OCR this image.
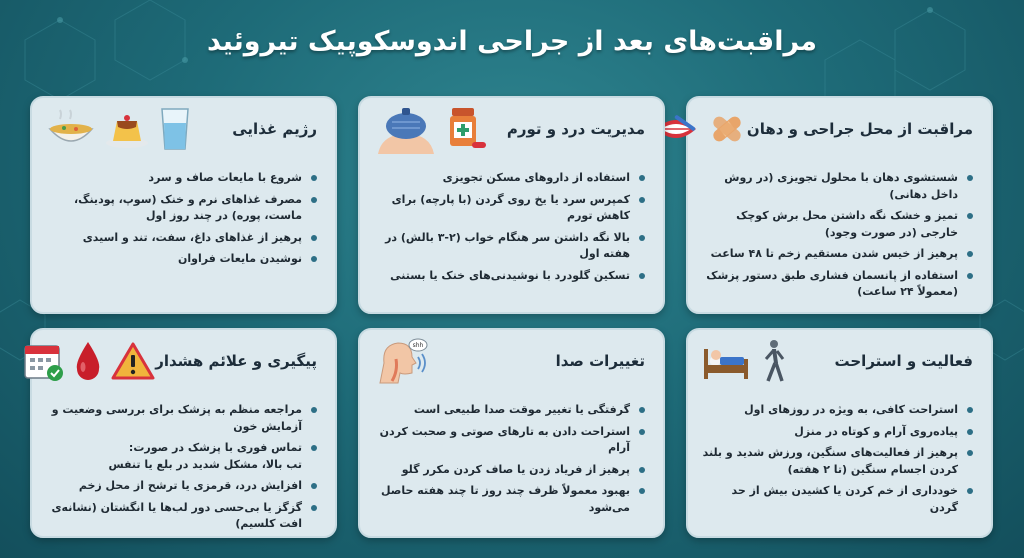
مراقبت‌های بعد از جراحی اندوسکوپیک تیروئید
مراقبت از محل جراحی و دهان
شستشوی دهان با محلول تجویزی (در روش داخل دهانی)
تمیز و خشک نگه داشتن محل برش کوچک خارجی (در صورت وجود)
پرهیز از خیس شدن مستقیم زخم تا ۴۸ ساعت
استفاده از پانسمان فشاری طبق دستور پزشک (معمولاً ۲۴ ساعت)
مدیریت درد و تورم
استفاده از داروهای مسکن تجویزی
کمپرس سرد یا یخ روی گردن (با پارچه) برای کاهش تورم
بالا نگه داشتن سر هنگام خواب (۲-۳ بالش) در هفته اول
تسکین گلودرد با نوشیدنی‌های خنک یا بستنی
رژیم غذایی
شروع با مایعات صاف و سرد
مصرف غذاهای نرم و خنک (سوپ، پودینگ، ماست، پوره) در چند روز اول
پرهیز از غذاهای داغ، سفت، تند و اسیدی
نوشیدن مایعات فراوان
فعالیت و استراحت
استراحت کافی، به ویژه در روزهای اول
پیاده‌روی آرام و کوتاه در منزل
پرهیز از فعالیت‌های سنگین، ورزش شدید و بلند کردن اجسام سنگین (تا ۲ هفته)
خودداری از خم کردن یا کشیدن بیش از حد گردن
تغییرات صدا
shh
گرفتگی یا تغییر موقت صدا طبیعی است
استراحت دادن به تارهای صوتی و صحبت کردن آرام
پرهیز از فریاد زدن یا صاف کردن مکرر گلو
بهبود معمولاً ظرف چند روز تا چند هفته حاصل می‌شود
پیگیری و علائم هشدار
مراجعه منظم به پزشک برای بررسی وضعیت و آزمایش خون
تماس فوری با پزشک در صورت:
تب بالا، مشکل شدید در بلع یا تنفس
افزایش درد، قرمزی یا ترشح از محل زخم
گزگز یا بی‌حسی دور لب‌ها یا انگشتان (نشانه‌ی افت کلسیم)
